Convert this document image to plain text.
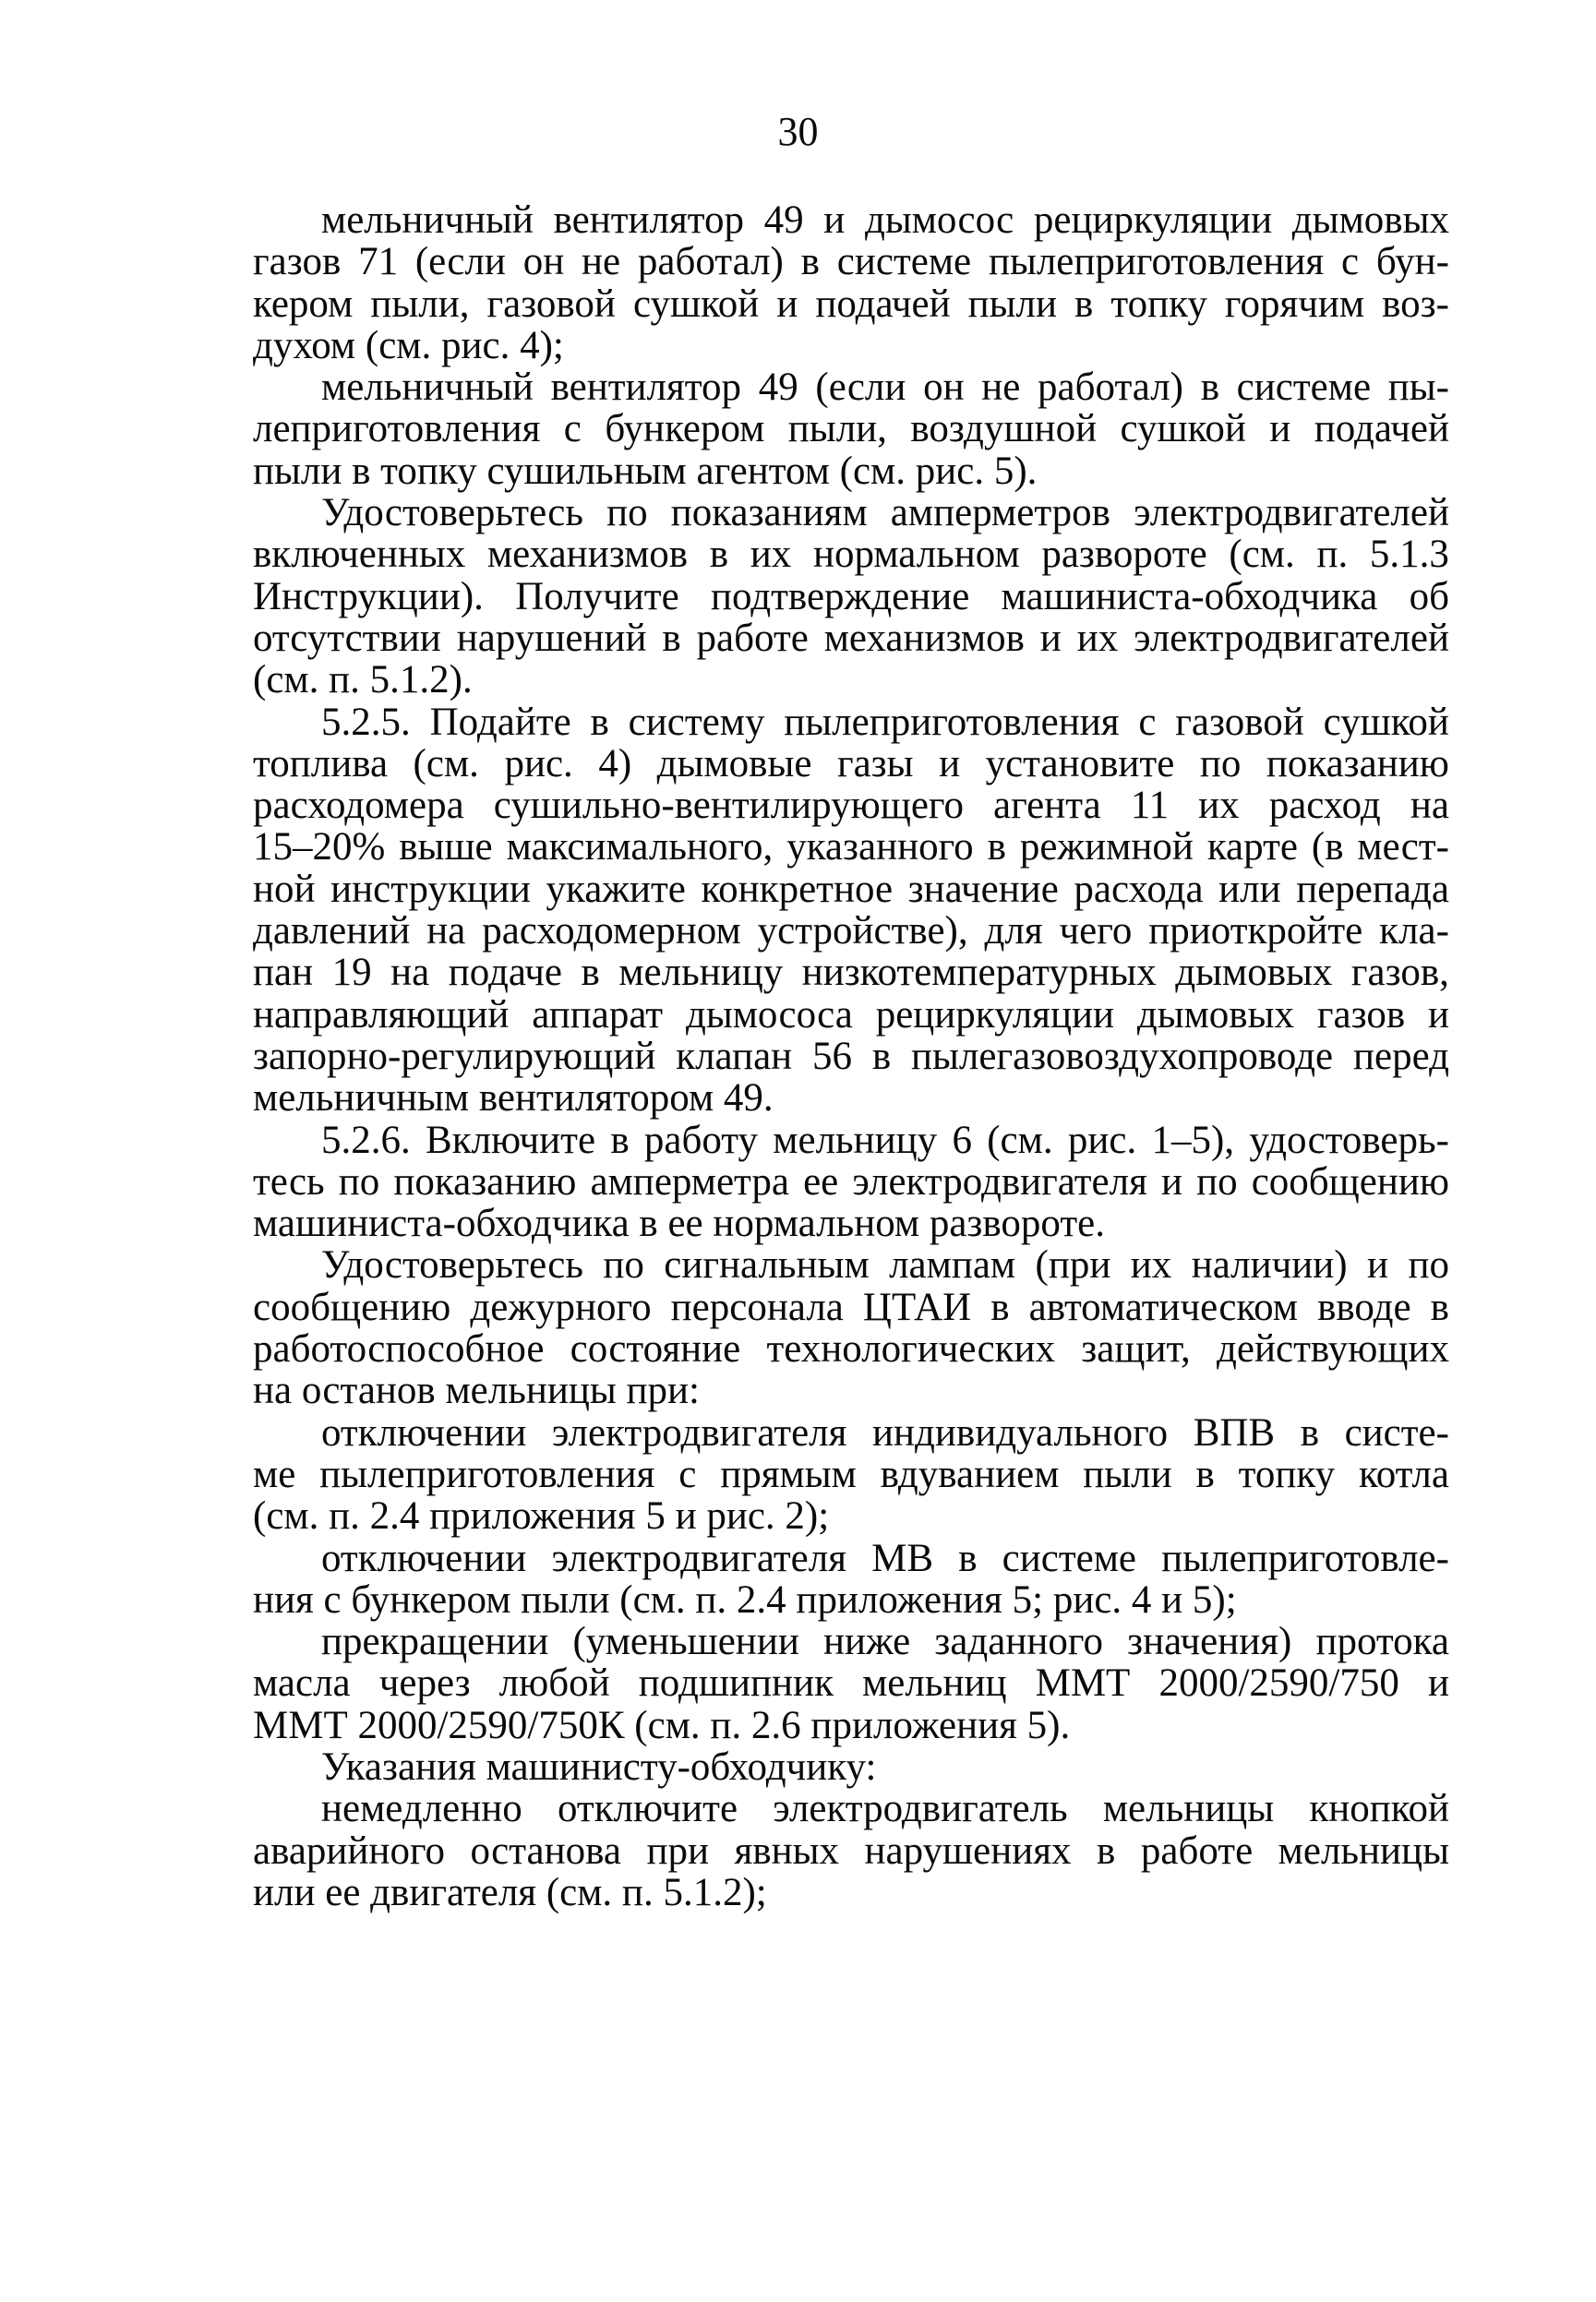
30
мельничный вентилятор 49 и дымосос рециркуляции дымовых
газов 71 (если он не работал) в системе пылеприготовления с бун-
кером пыли, газовой сушкой и подачей пыли в топку горячим воз-
духом (см. рис. 4);
мельничный вентилятор 49 (если он не работал) в системе пы-
леприготовления с бункером пыли, воздушной сушкой и подачей
пыли в топку сушильным агентом (см. рис. 5).
Удостоверьтесь по показаниям амперметров электродвигателей
включенных механизмов в их нормальном развороте (см. п. 5.1.3
Инструкции). Получите подтверждение машиниста-обходчика об
отсутствии нарушений в работе механизмов и их электродвигателей
(см. п. 5.1.2).
5.2.5. Подайте в систему пылеприготовления с газовой сушкой
топлива (см. рис. 4) дымовые газы и установите по показанию
расходомера сушильно-вентилирующего агента 11 их расход на
15–20% выше максимального, указанного в режимной карте (в мест-
ной инструкции укажите конкретное значение расхода или перепада
давлений на расходомерном устройстве), для чего приоткройте кла-
пан 19 на подаче в мельницу низкотемпературных дымовых газов,
направляющий аппарат дымососа рециркуляции дымовых газов и
запорно-регулирующий клапан 56 в пылегазовоздухопроводе перед
мельничным вентилятором 49.
5.2.6. Включите в работу мельницу 6 (см. рис. 1–5), удостоверь-
тесь по показанию амперметра ее электродвигателя и по сообщению
машиниста-обходчика в ее нормальном развороте.
Удостоверьтесь по сигнальным лампам (при их наличии) и по
сообщению дежурного персонала ЦТАИ в автоматическом вводе в
работоспособное состояние технологических защит, действующих
на останов мельницы при:
отключении электродвигателя индивидуального ВПВ в систе-
ме пылеприготовления с прямым вдуванием пыли в топку котла
(см. п. 2.4 приложения 5 и рис. 2);
отключении электродвигателя МВ в системе пылеприготовле-
ния с бункером пыли (см. п. 2.4 приложения 5; рис. 4 и 5);
прекращении (уменьшении ниже заданного значения) протока
масла через любой подшипник мельниц ММТ 2000/2590/750 и
ММТ 2000/2590/750К (см. п. 2.6 приложения 5).
Указания машинисту-обходчику:
немедленно отключите электродвигатель мельницы кнопкой
аварийного останова при явных нарушениях в работе мельницы
или ее двигателя (см. п. 5.1.2);
